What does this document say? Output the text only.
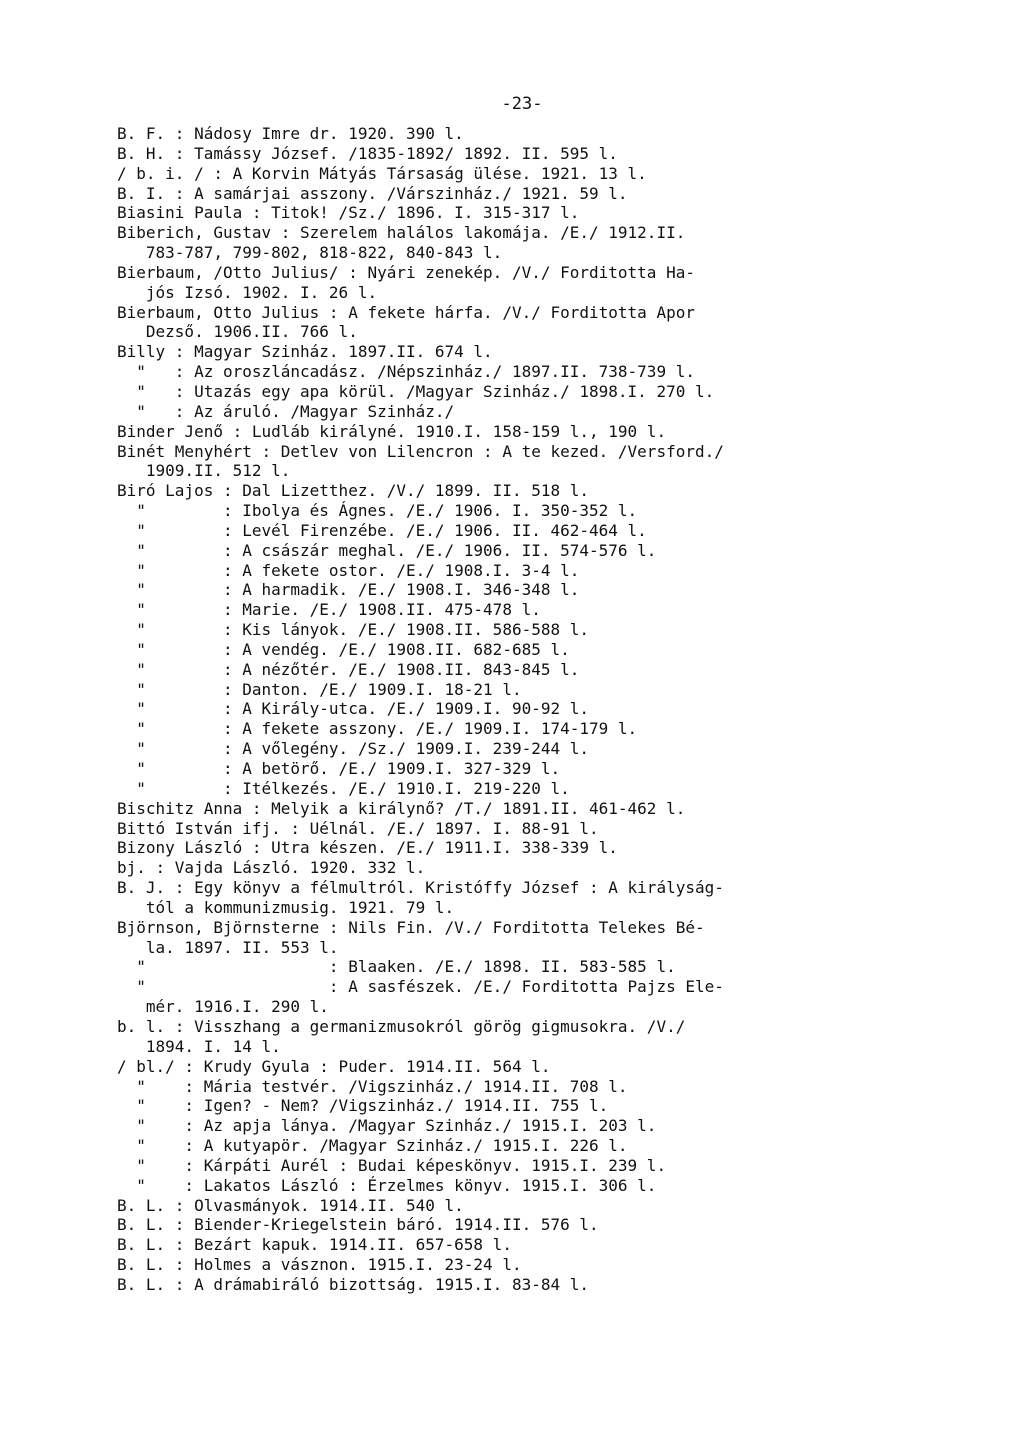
-23-
B. F. : Nádosy Imre dr. 1920. 390 l.
B. H. : Tamássy József. /1835-1892/ 1892. II. 595 l.
/ b. i. / : A Korvin Mátyás Társaság ülése. 1921. 13 l.
B. I. : A samárjai asszony. /Várszinház./ 1921. 59 l.
Biasini Paula : Titok! /Sz./ 1896. I. 315-317 l.
Biberich, Gustav : Szerelem halálos lakomája. /E./ 1912.II.
783-787, 799-802, 818-822, 840-843 l.
Bierbaum, /Otto Julius/ : Nyári zenekép. /V./ Forditotta Ha-
jós Izsó. 1902. I. 26 l.
Bierbaum, Otto Julius : A fekete hárfa. /V./ Forditotta Apor
Dezső. 1906.II. 766 l.
Billy : Magyar Szinház. 1897.II. 674 l.
"   : Az oroszláncadász. /Népszinház./ 1897.II. 738-739 l.
"   : Utazás egy apa körül. /Magyar Szinház./ 1898.I. 270 l.
"   : Az áruló. /Magyar Szinház./
Binder Jenő : Ludláb királyné. 1910.I. 158-159 l., 190 l.
Binét Menyhért : Detlev von Lilencron : A te kezed. /Versford./
1909.II. 512 l.
Biró Lajos : Dal Lizetthez. /V./ 1899. II. 518 l.
"        : Ibolya és Ágnes. /E./ 1906. I. 350-352 l.
"        : Levél Firenzébe. /E./ 1906. II. 462-464 l.
"        : A császár meghal. /E./ 1906. II. 574-576 l.
"        : A fekete ostor. /E./ 1908.I. 3-4 l.
"        : A harmadik. /E./ 1908.I. 346-348 l.
"        : Marie. /E./ 1908.II. 475-478 l.
"        : Kis lányok. /E./ 1908.II. 586-588 l.
"        : A vendég. /E./ 1908.II. 682-685 l.
"        : A nézőtér. /E./ 1908.II. 843-845 l.
"        : Danton. /E./ 1909.I. 18-21 l.
"        : A Király-utca. /E./ 1909.I. 90-92 l.
"        : A fekete asszony. /E./ 1909.I. 174-179 l.
"        : A vőlegény. /Sz./ 1909.I. 239-244 l.
"        : A betörő. /E./ 1909.I. 327-329 l.
"        : Itélkezés. /E./ 1910.I. 219-220 l.
Bischitz Anna : Melyik a királynő? /T./ 1891.II. 461-462 l.
Bittó István ifj. : Uélnál. /E./ 1897. I. 88-91 l.
Bizony László : Utra készen. /E./ 1911.I. 338-339 l.
bj. : Vajda László. 1920. 332 l.
B. J. : Egy könyv a félmultról. Kristóffy József : A királyság-
tól a kommunizmusig. 1921. 79 l.
Björnson, Björnsterne : Nils Fin. /V./ Forditotta Telekes Bé-
la. 1897. II. 553 l.
"                   : Blaaken. /E./ 1898. II. 583-585 l.
"                   : A sasfészek. /E./ Forditotta Pajzs Ele-
mér. 1916.I. 290 l.
b. l. : Visszhang a germanizmusokról görög gigmusokra. /V./
1894. I. 14 l.
/ bl./ : Krudy Gyula : Puder. 1914.II. 564 l.
"    : Mária testvér. /Vigszinház./ 1914.II. 708 l.
"    : Igen? - Nem? /Vigszinház./ 1914.II. 755 l.
"    : Az apja lánya. /Magyar Szinház./ 1915.I. 203 l.
"    : A kutyapör. /Magyar Szinház./ 1915.I. 226 l.
"    : Kárpáti Aurél : Budai képeskönyv. 1915.I. 239 l.
"    : Lakatos László : Érzelmes könyv. 1915.I. 306 l.
B. L. : Olvasmányok. 1914.II. 540 l.
B. L. : Biender-Kriegelstein báró. 1914.II. 576 l.
B. L. : Bezárt kapuk. 1914.II. 657-658 l.
B. L. : Holmes a vásznon. 1915.I. 23-24 l.
B. L. : A drámabiráló bizottság. 1915.I. 83-84 l.
